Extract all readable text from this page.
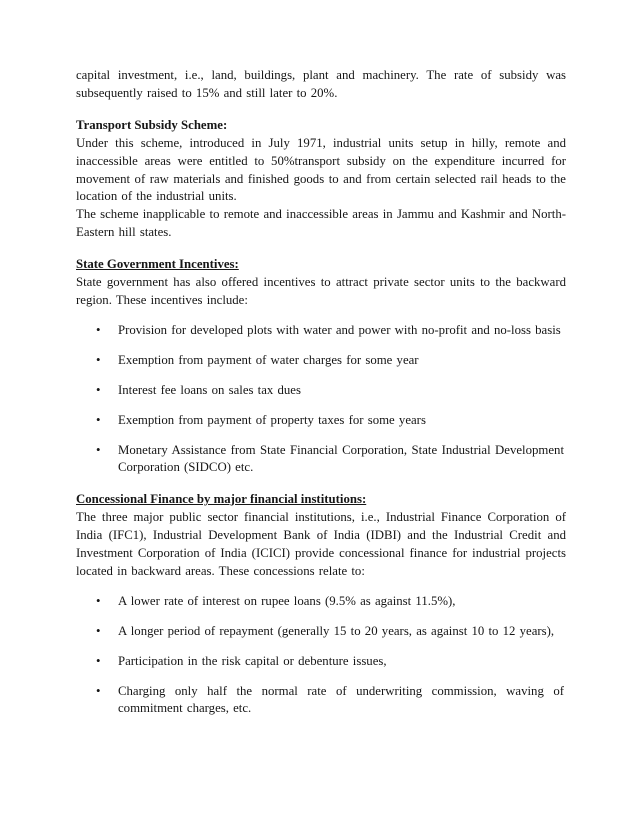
capital investment, i.e., land, buildings, plant and machinery. The rate of subsidy was subsequently raised to 15% and still later to 20%.

Transport Subsidy Scheme:

Under this scheme, introduced in July 1971, industrial units setup in hilly, remote and inaccessible areas were entitled to 50%transport subsidy on the expenditure incurred for movement of raw materials and finished goods to and from certain selected rail heads to the location of the industrial units.

The scheme inapplicable to remote and inaccessible areas in Jammu and Kashmir and North-Eastern hill states.

State Government Incentives:

State government has also offered incentives to attract private sector units to the backward region. These incentives include:

•	Provision for developed plots with water and power with no-profit and no-loss basis
•	Exemption from payment of water charges for some year
•	Interest fee loans on sales tax dues
•	Exemption from payment of property taxes for some years
•	Monetary Assistance from State Financial Corporation, State Industrial Development Corporation (SIDCO) etc.
Concessional Finance by major financial institutions:

The three major public sector financial institutions, i.e., Industrial Finance Corporation of India (IFC1), Industrial Development Bank of India (IDBI) and the Industrial Credit and Investment Corporation of India (ICICI) provide concessional finance for industrial projects located in backward areas. These concessions relate to:

•	A lower rate of interest on rupee loans (9.5% as against 11.5%),
•	A longer period of repayment (generally 15 to 20 years, as against 10 to 12 years),
•	Participation in the risk capital or debenture issues,
•	Charging only half the normal rate of underwriting commission, waving of commitment charges, etc.
